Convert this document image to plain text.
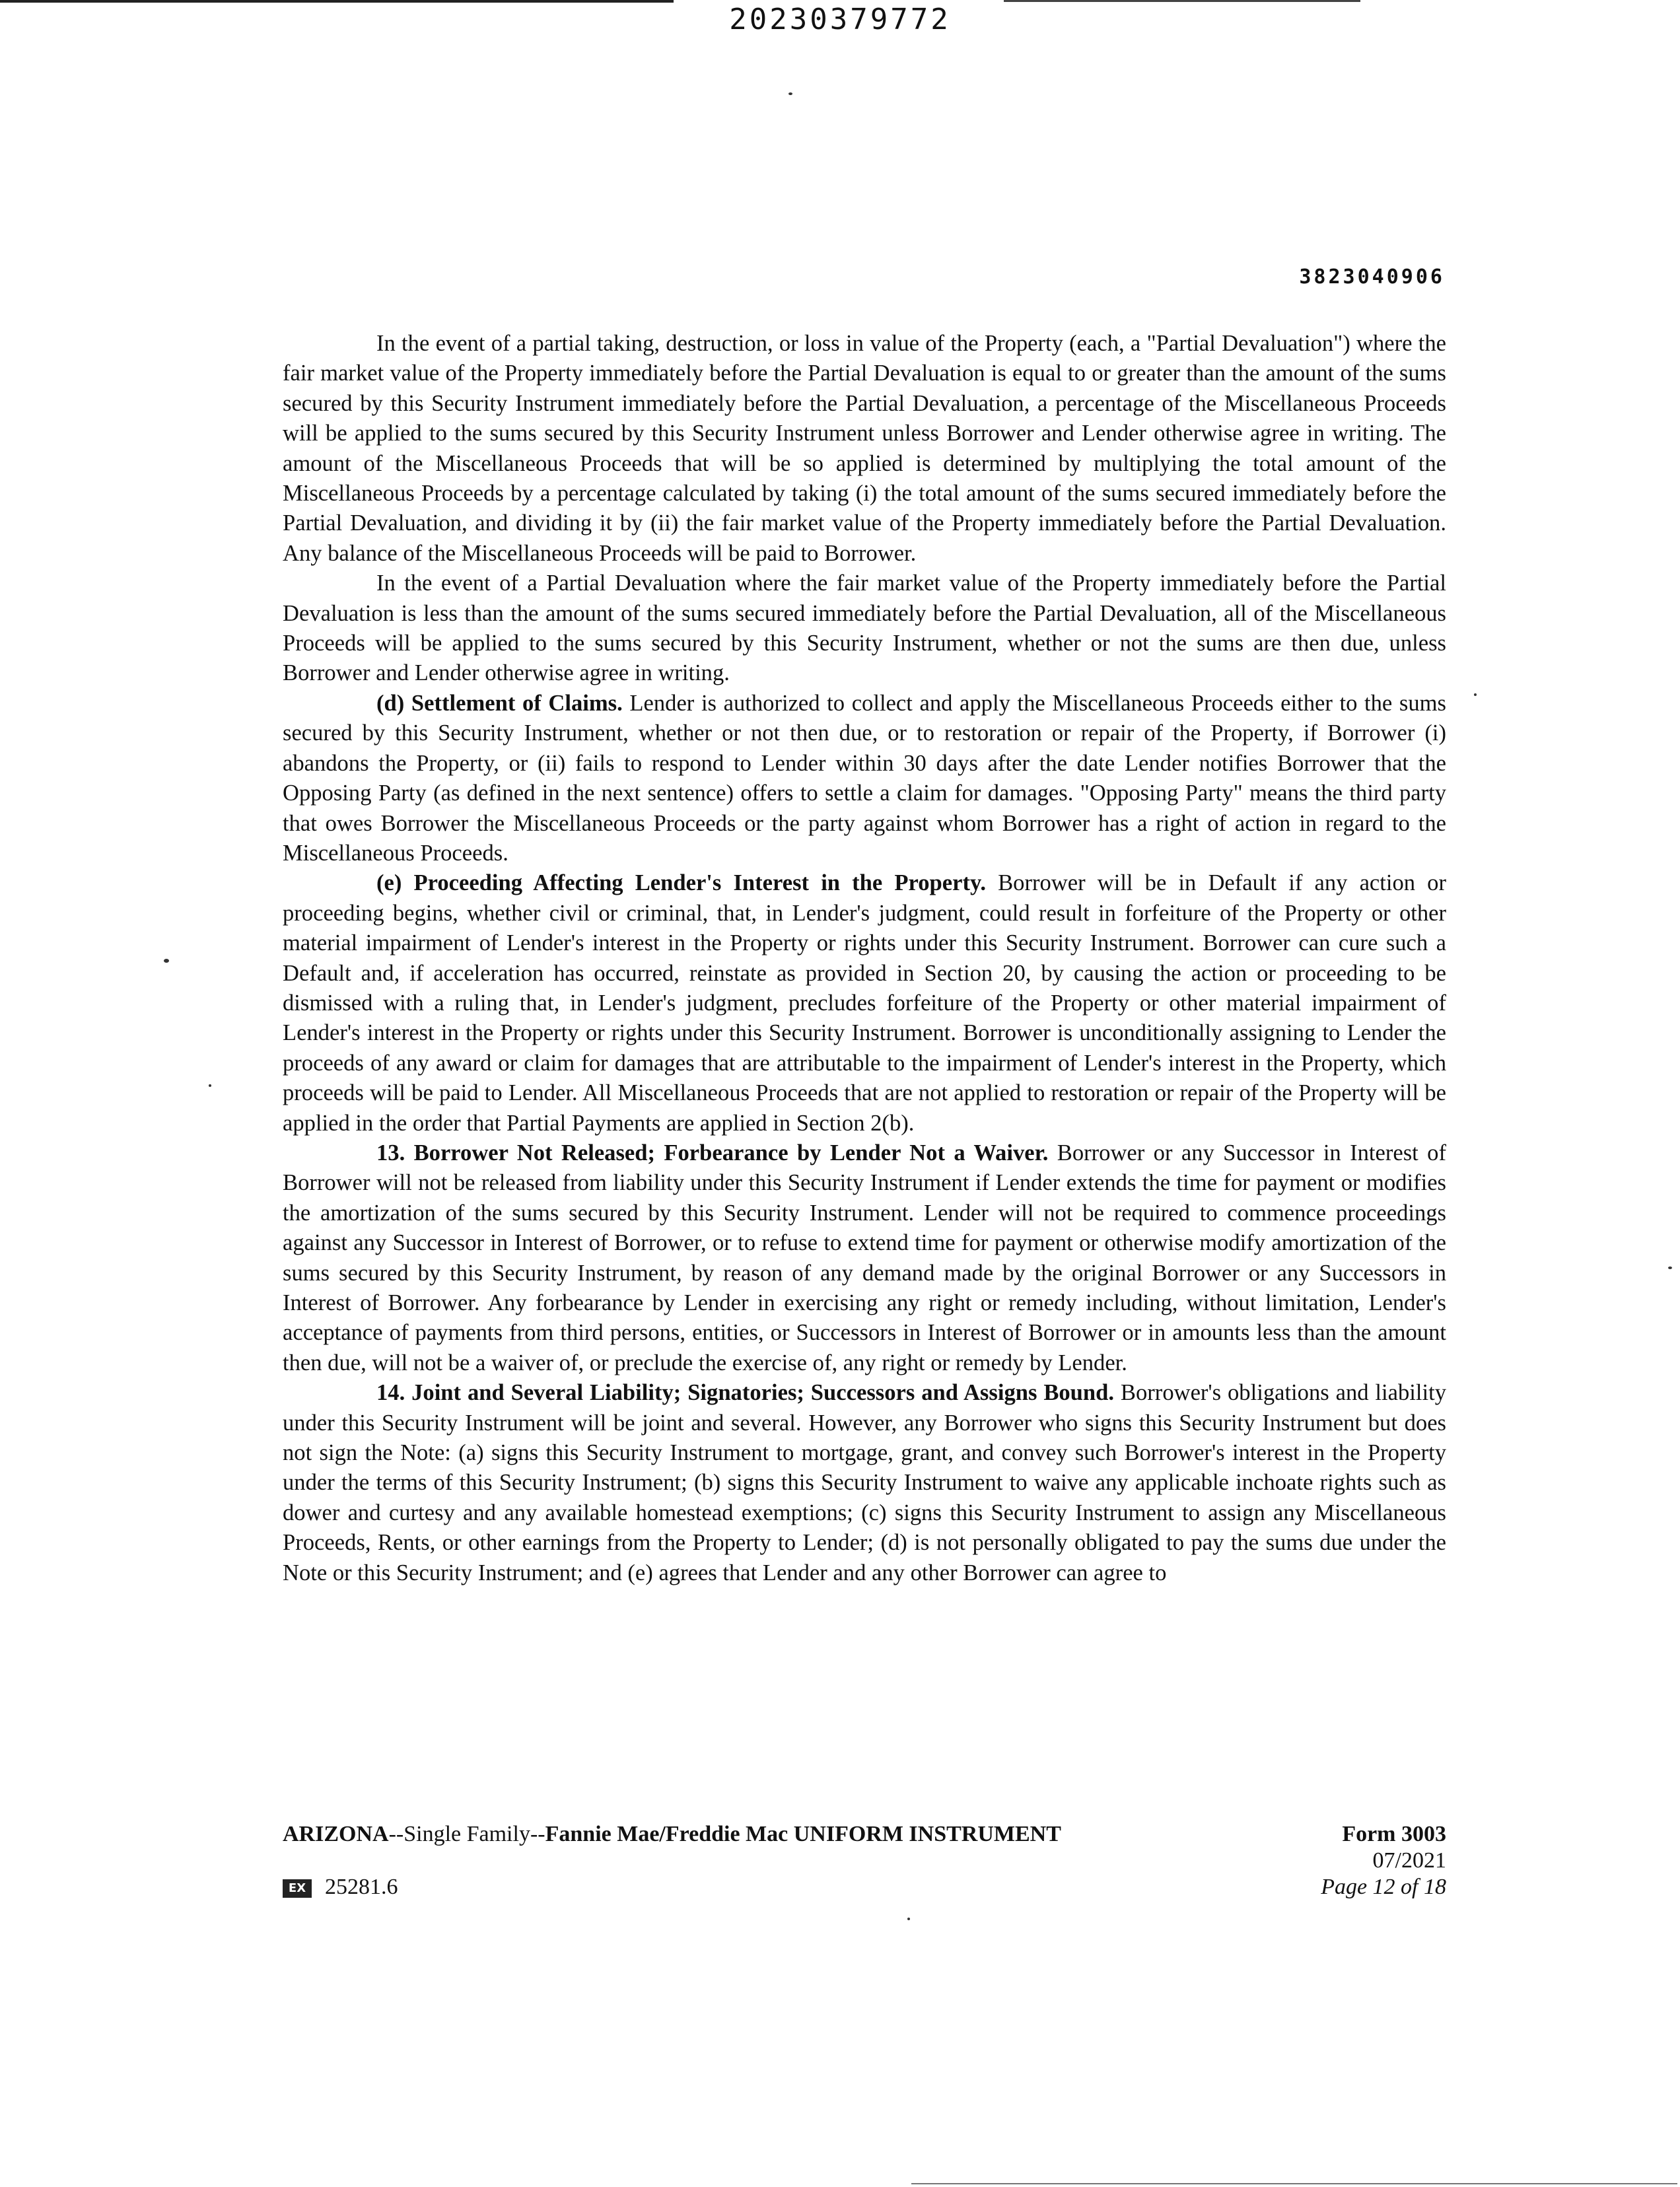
20230379772
3823040906

In the event of a partial taking, destruction, or loss in value of the Property (each, a "Partial Devaluation") where the fair market value of the Property immediately before the Partial Devaluation is equal to or greater than the amount of the sums secured by this Security Instrument immediately before the Partial Devaluation, a percentage of the Miscellaneous Proceeds will be applied to the sums secured by this Security Instrument unless Borrower and Lender otherwise agree in writing. The amount of the Miscellaneous Proceeds that will be so applied is determined by multiplying the total amount of the Miscellaneous Proceeds by a percentage calculated by taking (i) the total amount of the sums secured immediately before the Partial Devaluation, and dividing it by (ii) the fair market value of the Property immediately before the Partial Devaluation. Any balance of the Miscellaneous Proceeds will be paid to Borrower.

In the event of a Partial Devaluation where the fair market value of the Property immediately before the Partial Devaluation is less than the amount of the sums secured immediately before the Partial Devaluation, all of the Miscellaneous Proceeds will be applied to the sums secured by this Security Instrument, whether or not the sums are then due, unless Borrower and Lender otherwise agree in writing.

(d) Settlement of Claims. Lender is authorized to collect and apply the Miscellaneous Proceeds either to the sums secured by this Security Instrument, whether or not then due, or to restoration or repair of the Property, if Borrower (i) abandons the Property, or (ii) fails to respond to Lender within 30 days after the date Lender notifies Borrower that the Opposing Party (as defined in the next sentence) offers to settle a claim for damages. "Opposing Party" means the third party that owes Borrower the Miscellaneous Proceeds or the party against whom Borrower has a right of action in regard to the Miscellaneous Proceeds.

(e) Proceeding Affecting Lender's Interest in the Property. Borrower will be in Default if any action or proceeding begins, whether civil or criminal, that, in Lender's judgment, could result in forfeiture of the Property or other material impairment of Lender's interest in the Property or rights under this Security Instrument. Borrower can cure such a Default and, if acceleration has occurred, reinstate as provided in Section 20, by causing the action or proceeding to be dismissed with a ruling that, in Lender's judgment, precludes forfeiture of the Property or other material impairment of Lender's interest in the Property or rights under this Security Instrument. Borrower is unconditionally assigning to Lender the proceeds of any award or claim for damages that are attributable to the impairment of Lender's interest in the Property, which proceeds will be paid to Lender. All Miscellaneous Proceeds that are not applied to restoration or repair of the Property will be applied in the order that Partial Payments are applied in Section 2(b).

13. Borrower Not Released; Forbearance by Lender Not a Waiver. Borrower or any Successor in Interest of Borrower will not be released from liability under this Security Instrument if Lender extends the time for payment or modifies the amortization of the sums secured by this Security Instrument. Lender will not be required to commence proceedings against any Successor in Interest of Borrower, or to refuse to extend time for payment or otherwise modify amortization of the sums secured by this Security Instrument, by reason of any demand made by the original Borrower or any Successors in Interest of Borrower. Any forbearance by Lender in exercising any right or remedy including, without limitation, Lender's acceptance of payments from third persons, entities, or Successors in Interest of Borrower or in amounts less than the amount then due, will not be a waiver of, or preclude the exercise of, any right or remedy by Lender.

14. Joint and Several Liability; Signatories; Successors and Assigns Bound. Borrower's obligations and liability under this Security Instrument will be joint and several. However, any Borrower who signs this Security Instrument but does not sign the Note: (a) signs this Security Instrument to mortgage, grant, and convey such Borrower's interest in the Property under the terms of this Security Instrument; (b) signs this Security Instrument to waive any applicable inchoate rights such as dower and curtesy and any available homestead exemptions; (c) signs this Security Instrument to assign any Miscellaneous Proceeds, Rents, or other earnings from the Property to Lender; (d) is not personally obligated to pay the sums due under the Note or this Security Instrument; and (e) agrees that Lender and any other Borrower can agree to

ARIZONA--Single Family--Fannie Mae/Freddie Mac UNIFORM INSTRUMENT	Form 3003
07/2021
Page 12 of 18
EX 25281.6
